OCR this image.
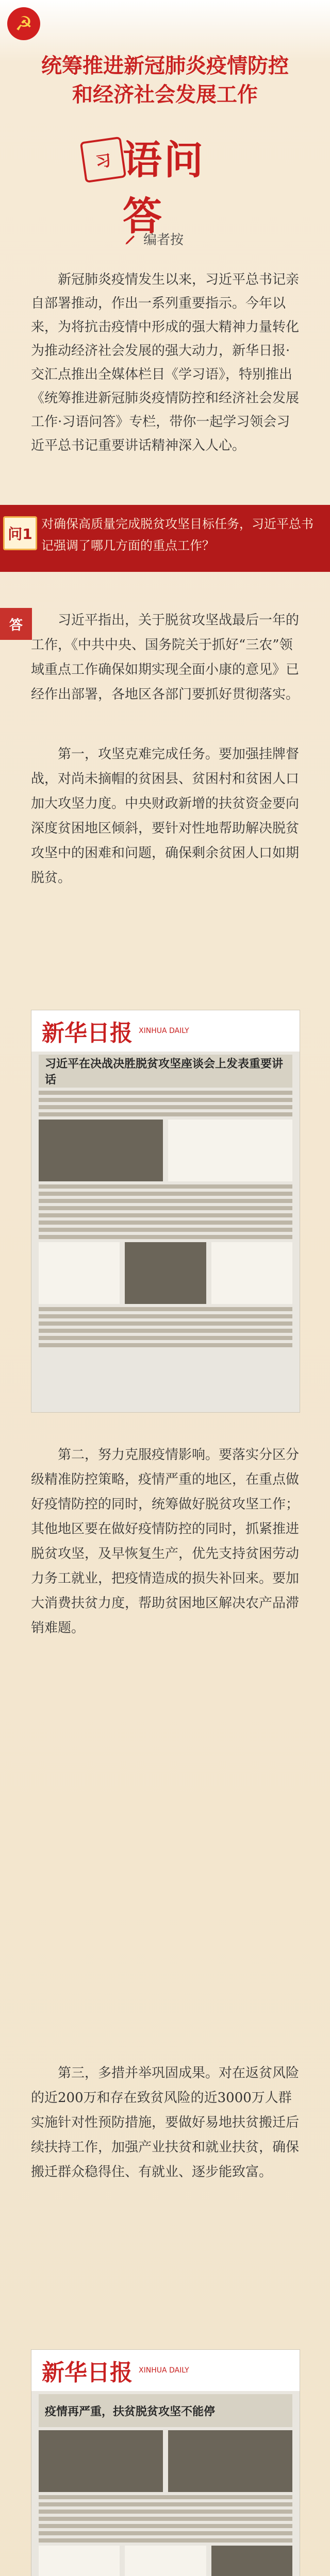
☭
统筹推进新冠肺炎疫情防控
和经济社会发展工作
习 语问答
编者按
新冠肺炎疫情发生以来，习近平总书记亲自部署推动，作出一系列重要指示。今年以来，为将抗击疫情中形成的强大精神力量转化为推动经济社会发展的强大动力，新华日报·交汇点推出全媒体栏目《学习语》，特别推出《统筹推进新冠肺炎疫情防控和经济社会发展工作·习语问答》专栏，带你一起学习领会习近平总书记重要讲话精神深入人心。
问1
对确保高质量完成脱贫攻坚目标任务，习近平总书记强调了哪几方面的重点工作？
答	习近平指出，关于脱贫攻坚战最后一年的工作，《中共中央、国务院关于抓好“三农”领域重点工作确保如期实现全面小康的意见》已经作出部署，各地区各部门要抓好贯彻落实。
第一，攻坚克难完成任务。要加强挂牌督战，对尚未摘帽的贫困县、贫困村和贫困人口加大攻坚力度。中央财政新增的扶贫资金要向深度贫困地区倾斜，要针对性地帮助解决脱贫攻坚中的困难和问题，确保剩余贫困人口如期脱贫。
新华日报 XINHUA DAILY
习近平在决战决胜脱贫攻坚座谈会上发表重要讲话
第二，努力克服疫情影响。要落实分区分级精准防控策略，疫情严重的地区，在重点做好疫情防控的同时，统筹做好脱贫攻坚工作；其他地区要在做好疫情防控的同时，抓紧推进脱贫攻坚，及早恢复生产，优先支持贫困劳动力务工就业，把疫情造成的损失补回来。要加大消费扶贫力度，帮助贫困地区解决农产品滞销难题。
第三，多措并举巩固成果。对在返贫风险的近200万和存在致贫风险的近3000万人群实施针对性预防措施，要做好易地扶贫搬迁后续扶持工作，加强产业扶贫和就业扶贫，确保搬迁群众稳得住、有就业、逐步能致富。
新华日报 XINHUA DAILY
疫情再严重，扶贫脱贫攻坚不能停
